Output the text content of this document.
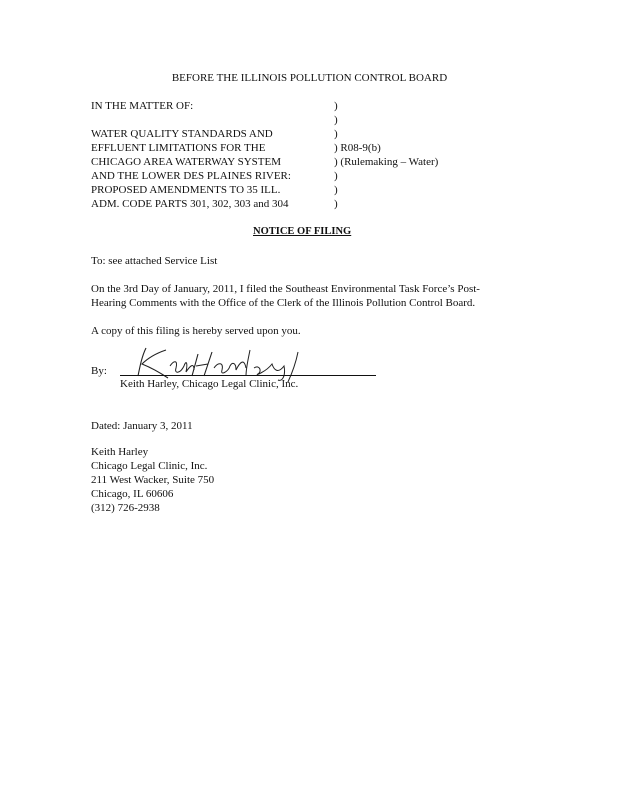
BEFORE THE ILLINOIS POLLUTION CONTROL BOARD
IN THE MATTER OF:
WATER QUALITY STANDARDS AND
EFFLUENT LIMITATIONS FOR THE
CHICAGO AREA WATERWAY SYSTEM
AND THE LOWER DES PLAINES RIVER:
PROPOSED AMENDMENTS TO 35 ILL.
ADM. CODE PARTS 301, 302, 303 and 304
)
)
)
) R08-9(b)
) (Rulemaking – Water)
)
)
)
NOTICE OF FILING
To: see attached Service List
On the 3rd Day of January, 2011, I filed the Southeast Environmental Task Force’s Post-
Hearing Comments with the Office of the Clerk of the Illinois Pollution Control Board.
A copy of this filing is hereby served upon you.
By:
Keith Harley, Chicago Legal Clinic, Inc.
Dated: January 3, 2011
Keith Harley
Chicago Legal Clinic, Inc.
211 West Wacker, Suite 750
Chicago, IL 60606
(312) 726-2938
